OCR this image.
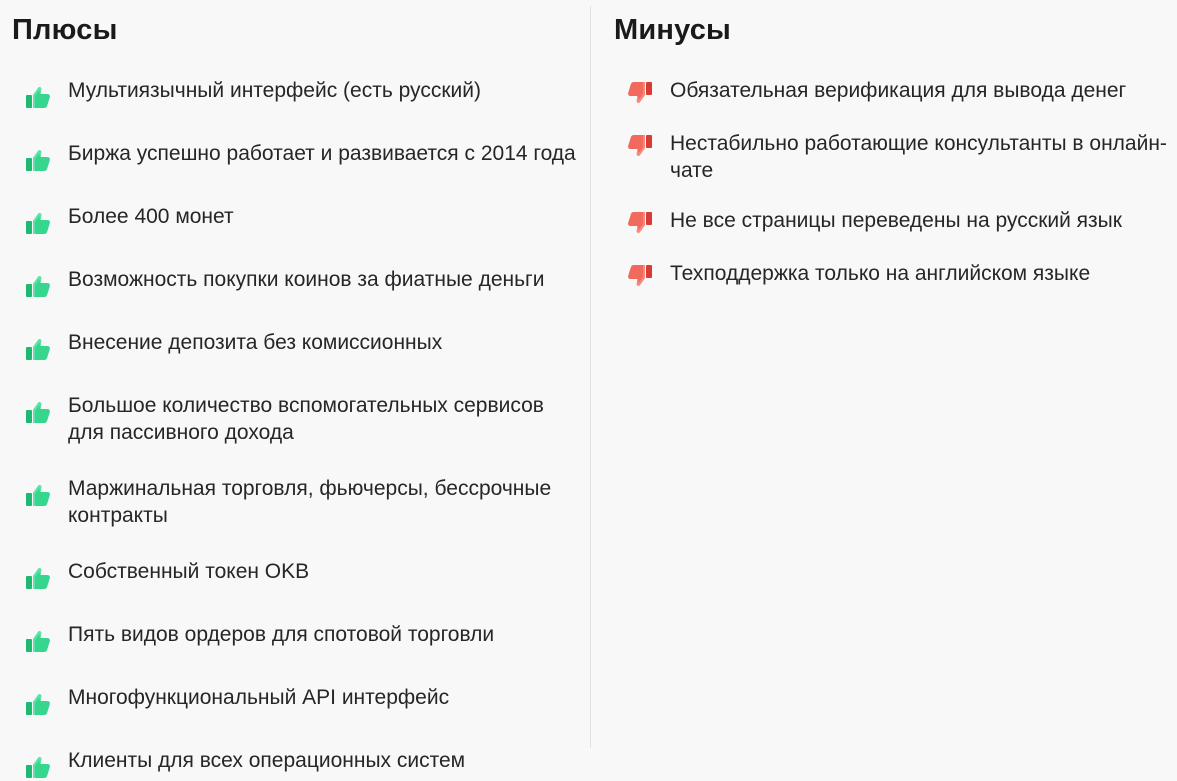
Плюсы
Мультиязычный интерфейс (есть русский)
Биржа успешно работает и развивается с 2014 года
Более 400 монет
Возможность покупки коинов за фиатные деньги
Внесение депозита без комиссионных
Большое количество вспомогательных сервисов для пассивного дохода
Маржинальная торговля, фьючерсы, бессрочные контракты
Собственный токен OKB
Пять видов ордеров для спотовой торговли
Многофункциональный API интерфейс
Клиенты для всех операционных систем
Минусы
Обязательная верификация для вывода денег
Нестабильно работающие консультанты в онлайн-чате
Не все страницы переведены на русский язык
Техподдержка только на английском языке
